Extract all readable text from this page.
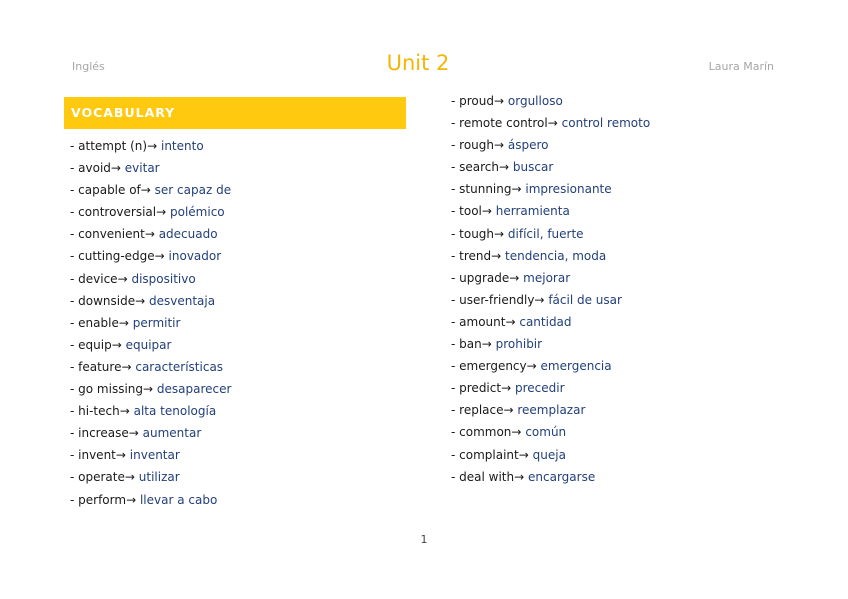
Inglés	Unit 2	Laura Marín
VOCABULARY
- attempt (n)→ intento
- avoid→ evitar
- capable of→ ser capaz de
- controversial→ polémico
- convenient→ adecuado
- cutting-edge→ inovador
- device→ dispositivo
- downside→ desventaja
- enable→ permitir
- equip→ equipar
- feature→ características
- go missing→ desaparecer
- hi-tech→ alta tenología
- increase→ aumentar
- invent→ inventar
- operate→ utilizar
- perform→ llevar a cabo
- proud→ orgulloso
- remote control→ control remoto
- rough→ áspero
- search→ buscar
- stunning→ impresionante
- tool→ herramienta
- tough→ difícil, fuerte
- trend→ tendencia, moda
- upgrade→ mejorar
- user-friendly→ fácil de usar
- amount→ cantidad
- ban→ prohibir
- emergency→ emergencia
- predict→ precedir
- replace→ reemplazar
- common→ común
- complaint→ queja
- deal with→ encargarse
1
